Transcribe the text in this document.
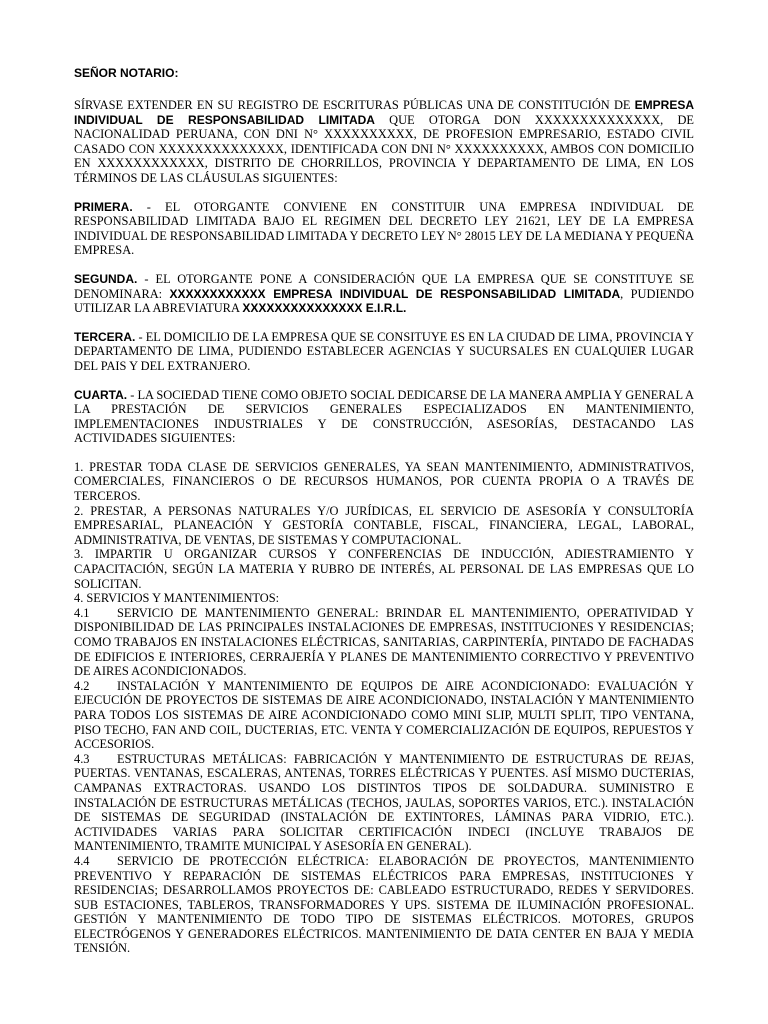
SEÑOR NOTARIO:

SÍRVASE EXTENDER EN SU REGISTRO DE ESCRITURAS PÚBLICAS UNA DE CONSTITUCIÓN DE EMPRESA INDIVIDUAL DE RESPONSABILIDAD LIMITADA QUE OTORGA DON XXXXXXXXXXXXXX, DE NACIONALIDAD PERUANA, CON DNI N° XXXXXXXXXX, DE PROFESION EMPRESARIO, ESTADO CIVIL CASADO CON XXXXXXXXXXXXXX, IDENTIFICADA CON DNI N° XXXXXXXXXX, AMBOS CON DOMICILIO EN XXXXXXXXXXXX, DISTRITO DE CHORRILLOS, PROVINCIA Y DEPARTAMENTO DE LIMA, EN LOS TÉRMINOS DE LAS CLÁUSULAS SIGUIENTES:

PRIMERA. - EL OTORGANTE CONVIENE EN CONSTITUIR UNA EMPRESA INDIVIDUAL DE RESPONSABILIDAD LIMITADA BAJO EL REGIMEN DEL DECRETO LEY 21621, LEY DE LA EMPRESA INDIVIDUAL DE RESPONSABILIDAD LIMITADA Y DECRETO LEY N° 28015 LEY DE LA MEDIANA Y PEQUEÑA EMPRESA.

SEGUNDA. - EL OTORGANTE PONE A CONSIDERACIÓN QUE LA EMPRESA QUE SE CONSTITUYE SE DENOMINARA: XXXXXXXXXXXX EMPRESA INDIVIDUAL DE RESPONSABILIDAD LIMITADA, PUDIENDO UTILIZAR LA ABREVIATURA XXXXXXXXXXXXXXX E.I.R.L.

TERCERA. - EL DOMICILIO DE LA EMPRESA QUE SE CONSITUYE ES EN LA CIUDAD DE LIMA, PROVINCIA Y DEPARTAMENTO DE LIMA, PUDIENDO ESTABLECER AGENCIAS Y SUCURSALES EN CUALQUIER LUGAR DEL PAIS Y DEL EXTRANJERO.

CUARTA. - LA SOCIEDAD TIENE COMO OBJETO SOCIAL DEDICARSE DE LA MANERA AMPLIA Y GENERAL A LA PRESTACIÓN DE SERVICIOS GENERALES ESPECIALIZADOS EN MANTENIMIENTO, IMPLEMENTACIONES INDUSTRIALES Y DE CONSTRUCCIÓN, ASESORÍAS, DESTACANDO LAS ACTIVIDADES SIGUIENTES:

1. PRESTAR TODA CLASE DE SERVICIOS GENERALES, YA SEAN MANTENIMIENTO, ADMINISTRATIVOS, COMERCIALES, FINANCIEROS O DE RECURSOS HUMANOS, POR CUENTA PROPIA O A TRAVÉS DE TERCEROS.

2. PRESTAR, A PERSONAS NATURALES Y/O JURÍDICAS, EL SERVICIO DE ASESORÍA Y CONSULTORÍA EMPRESARIAL, PLANEACIÓN Y GESTORÍA CONTABLE, FISCAL, FINANCIERA, LEGAL, LABORAL, ADMINISTRATIVA, DE VENTAS, DE SISTEMAS Y COMPUTACIONAL.

3. IMPARTIR U ORGANIZAR CURSOS Y CONFERENCIAS DE INDUCCIÓN, ADIESTRAMIENTO Y CAPACITACIÓN, SEGÚN LA MATERIA Y RUBRO DE INTERÉS, AL PERSONAL DE LAS EMPRESAS QUE LO SOLICITAN.

4. SERVICIOS Y MANTENIMIENTOS:

4.1 SERVICIO DE MANTENIMIENTO GENERAL: BRINDAR EL MANTENIMIENTO, OPERATIVIDAD Y DISPONIBILIDAD DE LAS PRINCIPALES INSTALACIONES DE EMPRESAS, INSTITUCIONES Y RESIDENCIAS; COMO TRABAJOS EN INSTALACIONES ELÉCTRICAS, SANITARIAS, CARPINTERÍA, PINTADO DE FACHADAS DE EDIFICIOS E INTERIORES, CERRAJERÍA Y PLANES DE MANTENIMIENTO CORRECTIVO Y PREVENTIVO DE AIRES ACONDICIONADOS.

4.2 INSTALACIÓN Y MANTENIMIENTO DE EQUIPOS DE AIRE ACONDICIONADO: EVALUACIÓN Y EJECUCIÓN DE PROYECTOS DE SISTEMAS DE AIRE ACONDICIONADO, INSTALACIÓN Y MANTENIMIENTO PARA TODOS LOS SISTEMAS DE AIRE ACONDICIONADO COMO MINI SLIP, MULTI SPLIT, TIPO VENTANA, PISO TECHO, FAN AND COIL, DUCTERIAS, ETC. VENTA Y COMERCIALIZACIÓN DE EQUIPOS, REPUESTOS Y ACCESORIOS.

4.3 ESTRUCTURAS METÁLICAS: FABRICACIÓN Y MANTENIMIENTO DE ESTRUCTURAS DE REJAS, PUERTAS. VENTANAS, ESCALERAS, ANTENAS, TORRES ELÉCTRICAS Y PUENTES. ASÍ MISMO DUCTERIAS, CAMPANAS EXTRACTORAS. USANDO LOS DISTINTOS TIPOS DE SOLDADURA. SUMINISTRO E INSTALACIÓN DE ESTRUCTURAS METÁLICAS (TECHOS, JAULAS, SOPORTES VARIOS, ETC.). INSTALACIÓN DE SISTEMAS DE SEGURIDAD (INSTALACIÓN DE EXTINTORES, LÁMINAS PARA VIDRIO, ETC.). ACTIVIDADES VARIAS PARA SOLICITAR CERTIFICACIÓN INDECI (INCLUYE TRABAJOS DE MANTENIMIENTO, TRAMITE MUNICIPAL Y ASESORÍA EN GENERAL).

4.4 SERVICIO DE PROTECCIÓN ELÉCTRICA: ELABORACIÓN DE PROYECTOS, MANTENIMIENTO PREVENTIVO Y REPARACIÓN DE SISTEMAS ELÉCTRICOS PARA EMPRESAS, INSTITUCIONES Y RESIDENCIAS; DESARROLLAMOS PROYECTOS DE: CABLEADO ESTRUCTURADO, REDES Y SERVIDORES. SUB ESTACIONES, TABLEROS, TRANSFORMADORES Y UPS. SISTEMA DE ILUMINACIÓN PROFESIONAL. GESTIÓN Y MANTENIMIENTO DE TODO TIPO DE SISTEMAS ELÉCTRICOS. MOTORES, GRUPOS ELECTRÓGENOS Y GENERADORES ELÉCTRICOS. MANTENIMIENTO DE DATA CENTER EN BAJA Y MEDIA TENSIÓN.
